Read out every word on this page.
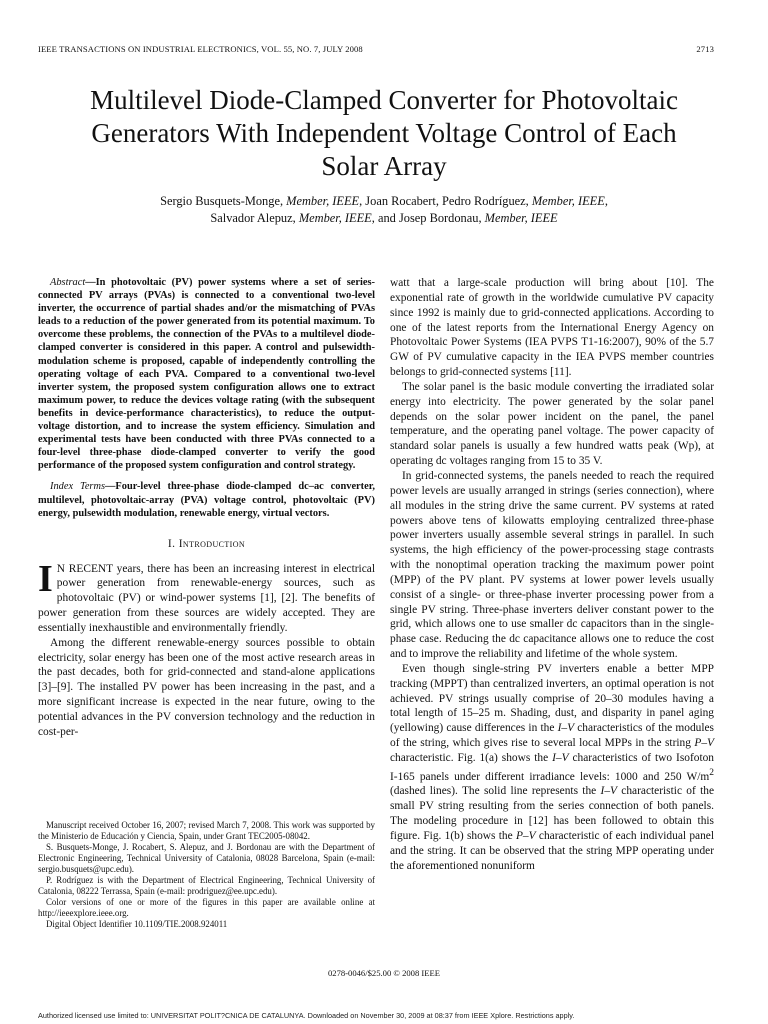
IEEE TRANSACTIONS ON INDUSTRIAL ELECTRONICS, VOL. 55, NO. 7, JULY 2008	2713
Multilevel Diode-Clamped Converter for Photovoltaic Generators With Independent Voltage Control of Each Solar Array
Sergio Busquets-Monge, Member, IEEE, Joan Rocabert, Pedro Rodríguez, Member, IEEE,
Salvador Alepuz, Member, IEEE, and Josep Bordonau, Member, IEEE

Abstract—In photovoltaic (PV) power systems where a set of series-connected PV arrays (PVAs) is connected to a conventional two-level inverter, the occurrence of partial shades and/or the mismatching of PVAs leads to a reduction of the power generated from its potential maximum. To overcome these problems, the connection of the PVAs to a multilevel diode-clamped converter is considered in this paper. A control and pulsewidth-modulation scheme is proposed, capable of independently controlling the operating voltage of each PVA. Compared to a conventional two-level inverter system, the proposed system configuration allows one to extract maximum power, to reduce the devices voltage rating (with the subsequent benefits in device-performance characteristics), to reduce the output-voltage distortion, and to increase the system efficiency. Simulation and experimental tests have been conducted with three PVAs connected to a four-level three-phase diode-clamped converter to verify the good performance of the proposed system configuration and control strategy.

Index Terms—Four-level three-phase diode-clamped dc–ac converter, multilevel, photovoltaic-array (PVA) voltage control, photovoltaic (PV) energy, pulsewidth modulation, renewable energy, virtual vectors.

I. Introduction

I N RECENT years, there has been an increasing interest in electrical power generation from renewable-energy sources, such as photovoltaic (PV) or wind-power systems [1], [2]. The benefits of power generation from these sources are widely accepted. They are essentially inexhaustible and environmentally friendly.

Among the different renewable-energy sources possible to obtain electricity, solar energy has been one of the most active research areas in the past decades, both for grid-connected and stand-alone applications [3]–[9]. The installed PV power has been increasing in the past, and a more significant increase is expected in the near future, owing to the potential advances in the PV conversion technology and the reduction in cost-per-

Manuscript received October 16, 2007; revised March 7, 2008. This work was supported by the Ministerio de Educación y Ciencia, Spain, under Grant TEC2005-08042.

S. Busquets-Monge, J. Rocabert, S. Alepuz, and J. Bordonau are with the Department of Electronic Engineering, Technical University of Catalonia, 08028 Barcelona, Spain (e-mail: sergio.busquets@upc.edu).

P. Rodríguez is with the Department of Electrical Engineering, Technical University of Catalonia, 08222 Terrassa, Spain (e-mail: prodriguez@ee.upc.edu).

Color versions of one or more of the figures in this paper are available online at http://ieeexplore.ieee.org.

Digital Object Identifier 10.1109/TIE.2008.924011

watt that a large-scale production will bring about [10]. The exponential rate of growth in the worldwide cumulative PV capacity since 1992 is mainly due to grid-connected applications. According to one of the latest reports from the International Energy Agency on Photovoltaic Power Systems (IEA PVPS T1-16:2007), 90% of the 5.7 GW of PV cumulative capacity in the IEA PVPS member countries belongs to grid-connected systems [11].

The solar panel is the basic module converting the irradiated solar energy into electricity. The power generated by the solar panel depends on the solar power incident on the panel, the panel temperature, and the operating panel voltage. The power capacity of standard solar panels is usually a few hundred watts peak (Wp), at operating dc voltages ranging from 15 to 35 V.

In grid-connected systems, the panels needed to reach the required power levels are usually arranged in strings (series connection), where all modules in the string drive the same current. PV systems at rated powers above tens of kilowatts employing centralized three-phase power inverters usually assemble several strings in parallel. In such systems, the high efficiency of the power-processing stage contrasts with the nonoptimal operation tracking the maximum power point (MPP) of the PV plant. PV systems at lower power levels usually consist of a single- or three-phase inverter processing power from a single PV string. Three-phase inverters deliver constant power to the grid, which allows one to use smaller dc capacitors than in the single-phase case. Reducing the dc capacitance allows one to reduce the cost and to improve the reliability and lifetime of the whole system.

Even though single-string PV inverters enable a better MPP tracking (MPPT) than centralized inverters, an optimal operation is not achieved. PV strings usually comprise of 20–30 modules having a total length of 15–25 m. Shading, dust, and disparity in panel aging (yellowing) cause differences in the I–V characteristics of the modules of the string, which gives rise to several local MPPs in the string P–V characteristic. Fig. 1(a) shows the I–V characteristics of two Isofoton I-165 panels under different irradiance levels: 1000 and 250 $W/m^2$ (dashed lines). The solid line represents the I–V characteristic of the small PV string resulting from the series connection of both panels. The modeling procedure in [12] has been followed to obtain this figure. Fig. 1(b) shows the P–V characteristic of each individual panel and the string. It can be observed that the string MPP operating under the aforementioned nonuniform

0278-0046/$25.00 © 2008 IEEE
Authorized licensed use limited to: UNIVERSITAT POLIT?CNICA DE CATALUNYA. Downloaded on November 30, 2009 at 08:37 from IEEE Xplore. Restrictions apply.
